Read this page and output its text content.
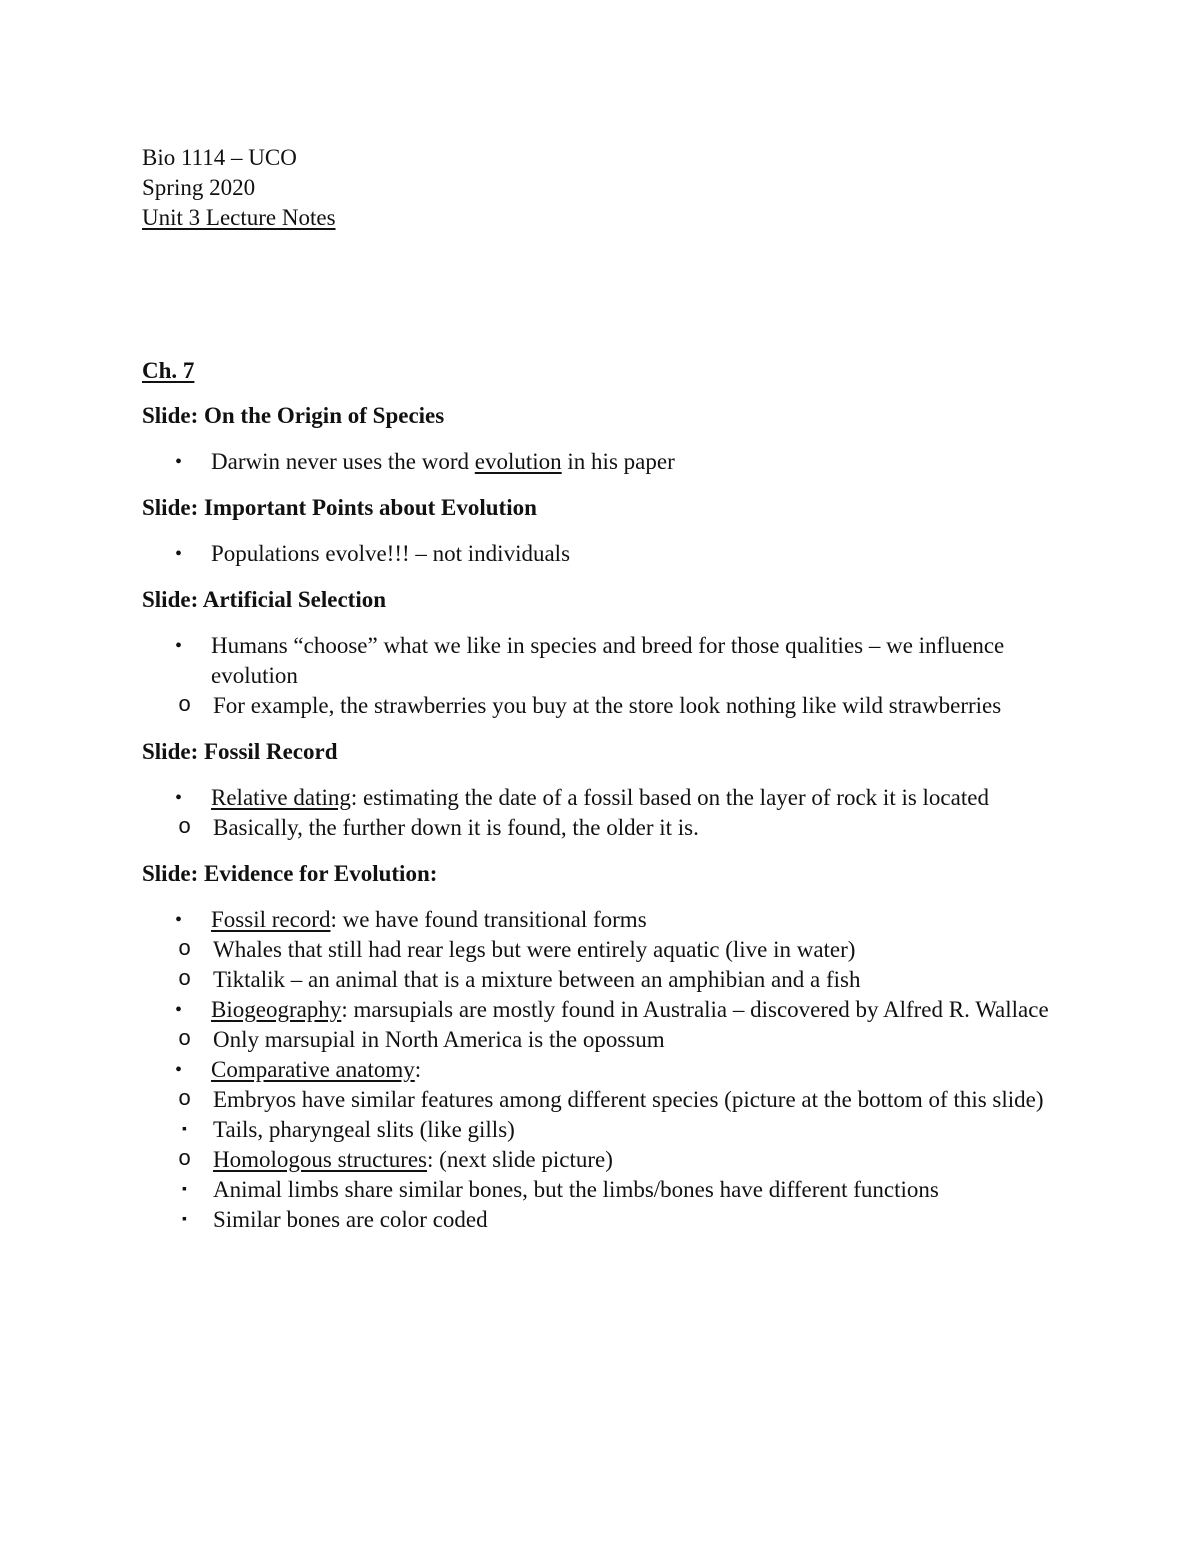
Bio 1114 – UCO

Spring 2020

Unit 3 Lecture Notes

Ch. 7

Slide: On the Origin of Species

• Darwin never uses the word evolution in his paper

Slide: Important Points about Evolution

• Populations evolve!!! – not individuals

Slide: Artificial Selection

• Humans “choose” what we like in species and breed for those qualities – we influence evolution
o For example, the strawberries you buy at the store look nothing like wild strawberries

Slide: Fossil Record

• Relative dating: estimating the date of a fossil based on the layer of rock it is located
o Basically, the further down it is found, the older it is.

Slide: Evidence for Evolution:

• Fossil record: we have found transitional forms
o Whales that still had rear legs but were entirely aquatic (live in water)
o Tiktalik – an animal that is a mixture between an amphibian and a fish
• Biogeography: marsupials are mostly found in Australia – discovered by Alfred R. Wallace
o Only marsupial in North America is the opossum
• Comparative anatomy:
o Embryos have similar features among different species (picture at the bottom of this slide)
▪ Tails, pharyngeal slits (like gills)
o Homologous structures: (next slide picture)
▪ Animal limbs share similar bones, but the limbs/bones have different functions
▪ Similar bones are color coded
